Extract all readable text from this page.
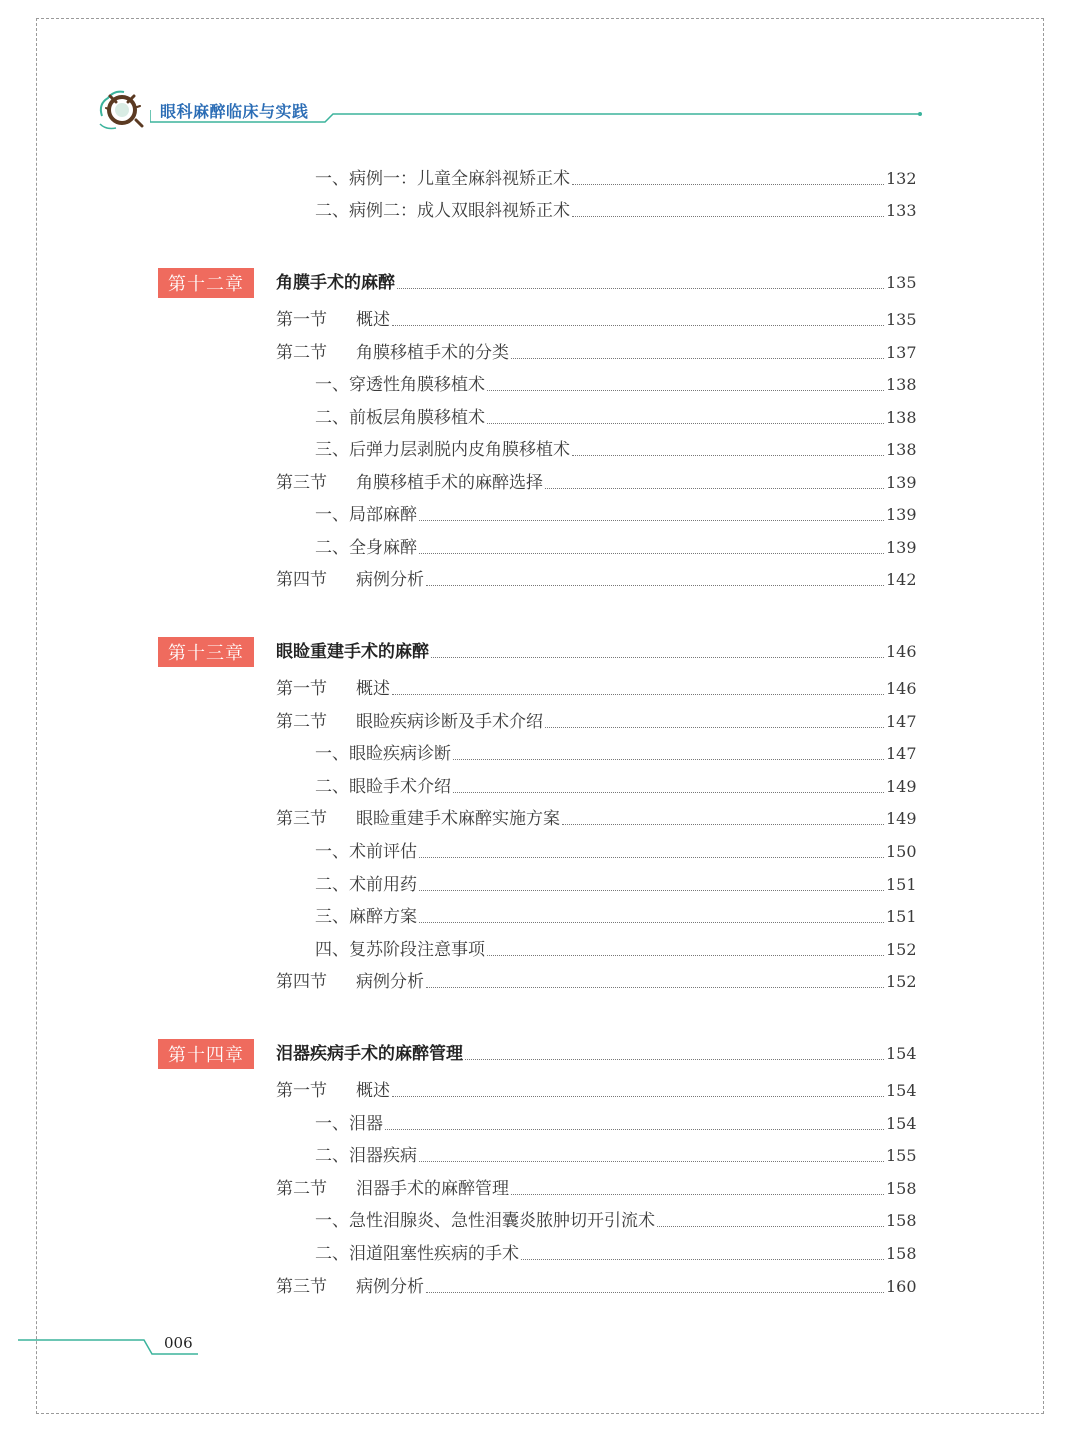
眼科麻醉临床与实践
一、病例一：儿童全麻斜视矫正术	132
二、病例二：成人双眼斜视矫正术	133
第十二章	角膜手术的麻醉	135
第一节 概述	135
第二节 角膜移植手术的分类	137
一、穿透性角膜移植术	138
二、前板层角膜移植术	138
三、后弹力层剥脱内皮角膜移植术	138
第三节 角膜移植手术的麻醉选择	139
一、局部麻醉	139
二、全身麻醉	139
第四节 病例分析	142
第十三章	眼睑重建手术的麻醉	146
第一节 概述	146
第二节 眼睑疾病诊断及手术介绍	147
一、眼睑疾病诊断	147
二、眼睑手术介绍	149
第三节 眼睑重建手术麻醉实施方案	149
一、术前评估	150
二、术前用药	151
三、麻醉方案	151
四、复苏阶段注意事项	152
第四节 病例分析	152
第十四章	泪器疾病手术的麻醉管理	154
第一节 概述	154
一、泪器	154
二、泪器疾病	155
第二节 泪器手术的麻醉管理	158
一、急性泪腺炎、急性泪囊炎脓肿切开引流术	158
二、泪道阻塞性疾病的手术	158
第三节 病例分析	160
006
